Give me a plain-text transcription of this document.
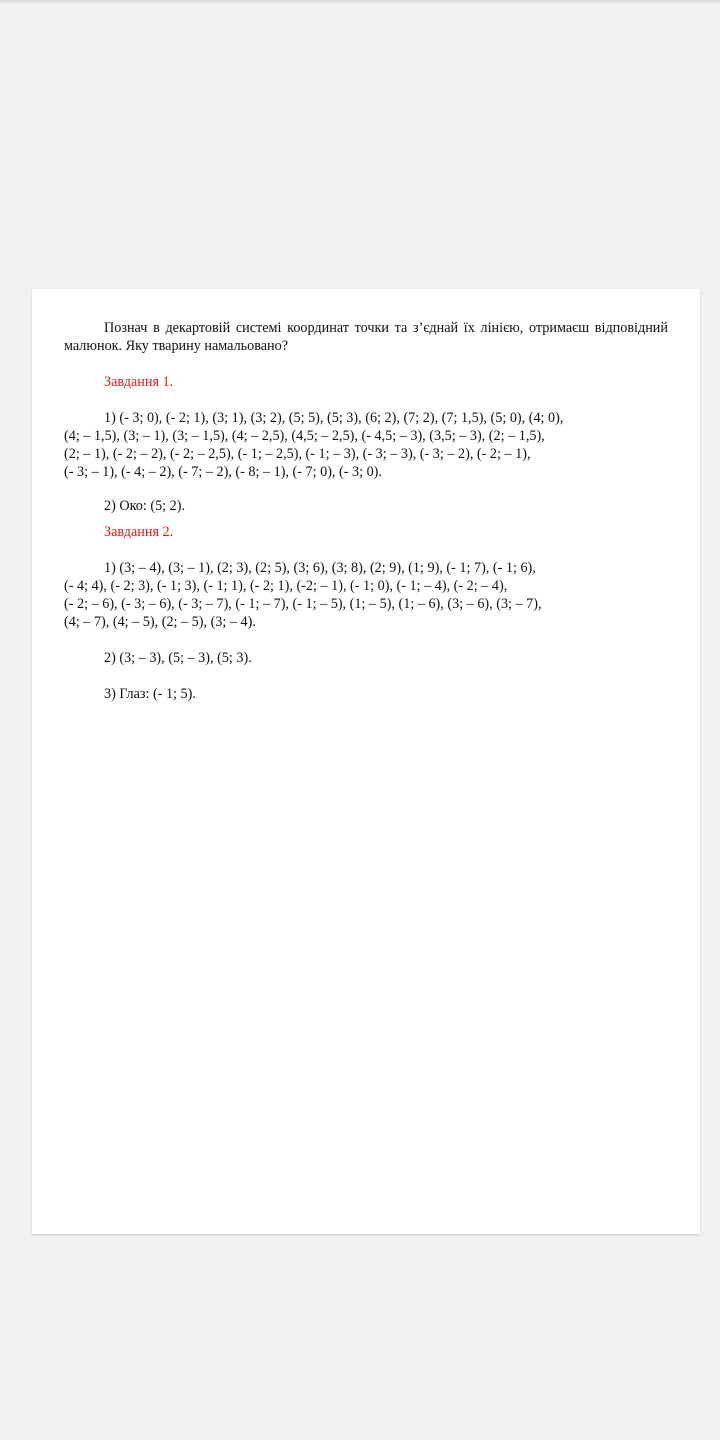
Познач в декартовій системі координат точки та з’єднай їх лінією, отримаєш відповідний малюнок. Яку тварину намальовано?

Завдання 1.

1) (- 3; 0), (- 2; 1), (3; 1), (3; 2), (5; 5), (5; 3), (6; 2), (7; 2), (7; 1,5), (5; 0), (4; 0),
(4; – 1,5), (3; – 1), (3; – 1,5), (4; – 2,5), (4,5; – 2,5), (- 4,5; – 3), (3,5; – 3), (2; – 1,5),
(2; – 1), (- 2; – 2), (- 2; – 2,5), (- 1; – 2,5), (- 1; – 3), (- 3; – 3), (- 3; – 2), (- 2; – 1),
(- 3; – 1), (- 4; – 2), (- 7; – 2), (- 8; – 1), (- 7; 0), (- 3; 0).

2) Око: (5; 2).

Завдання 2.

1) (3; – 4), (3; – 1), (2; 3), (2; 5), (3; 6), (3; 8), (2; 9), (1; 9), (- 1; 7), (- 1; 6),
(- 4; 4), (- 2; 3), (- 1; 3), (- 1; 1), (- 2; 1), (-2; – 1), (- 1; 0), (- 1; – 4), (- 2; – 4),
(- 2; – 6), (- 3; – 6), (- 3; – 7), (- 1; – 7), (- 1; – 5), (1; – 5), (1; – 6), (3; – 6), (3; – 7),
(4; – 7), (4; – 5), (2; – 5), (3; – 4).

2) (3; – 3), (5; – 3), (5; 3).

3) Глаз: (- 1; 5).
